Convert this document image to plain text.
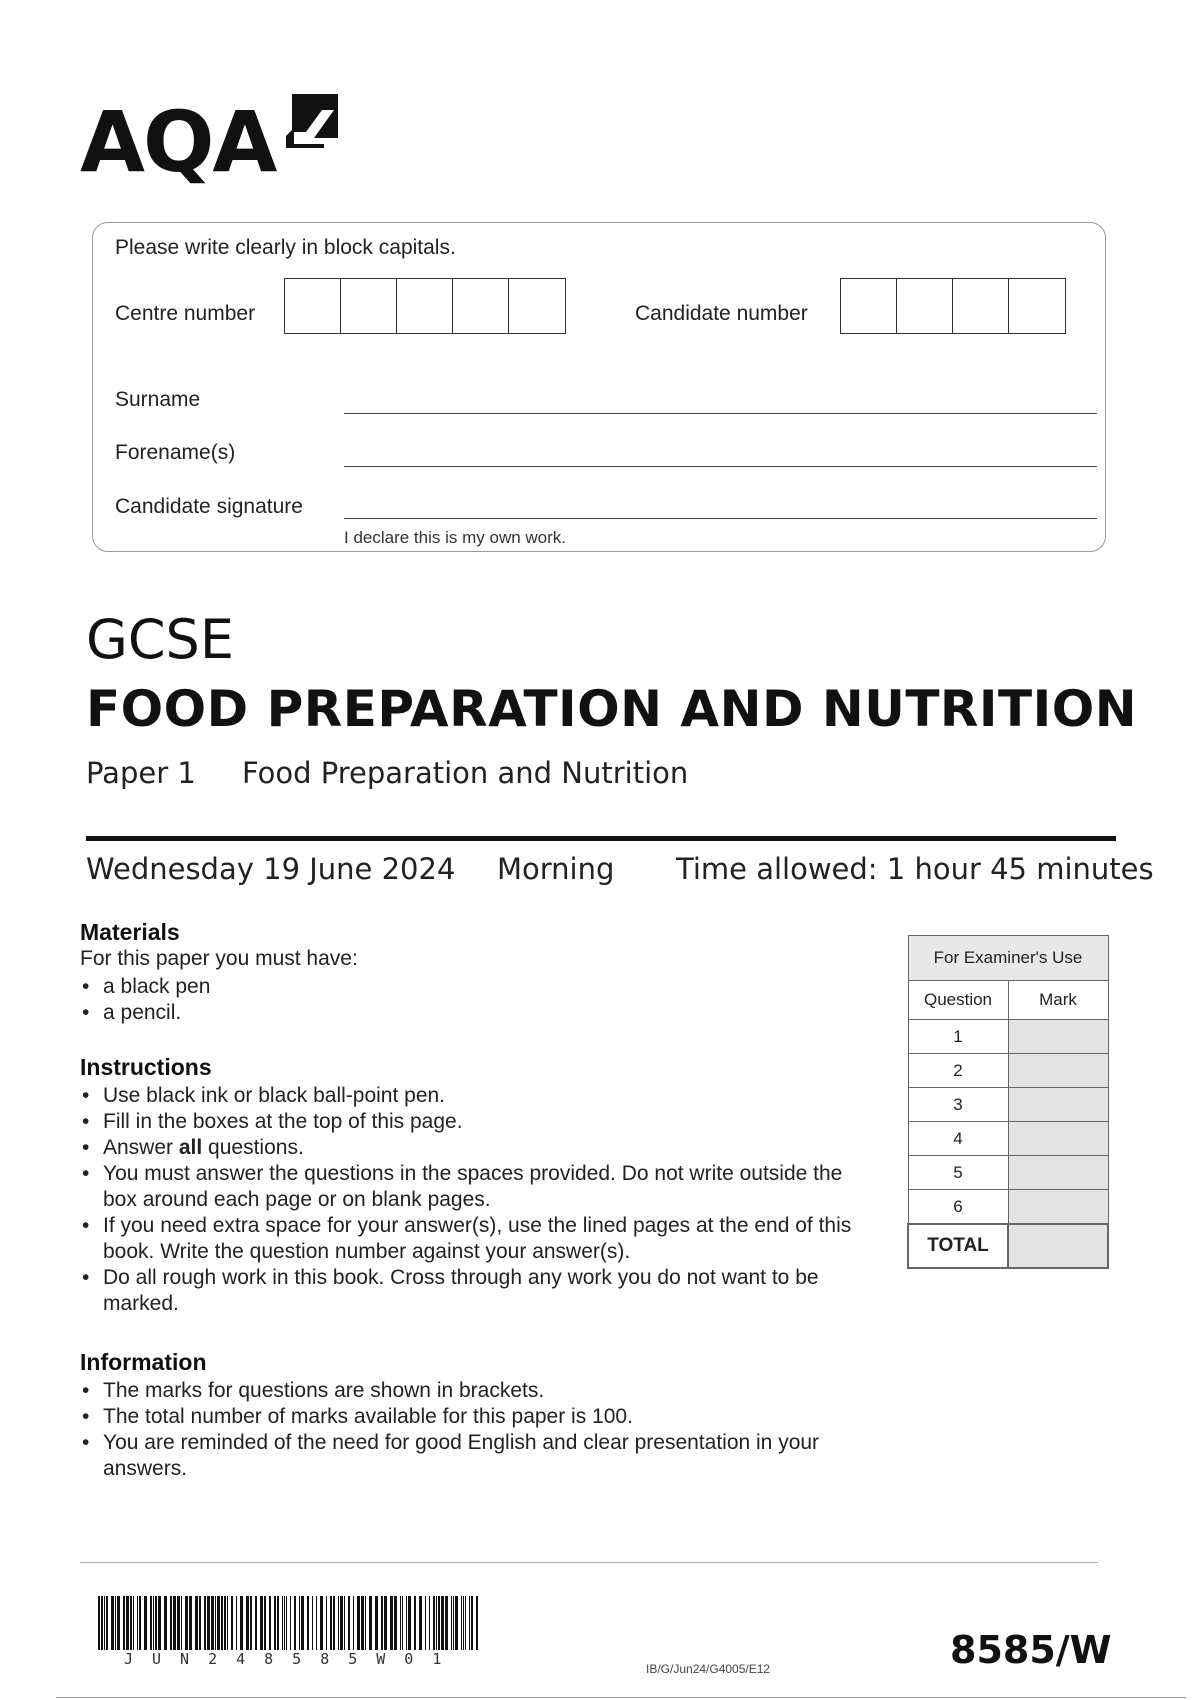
AQA
Please write clearly in block capitals.
Centre number	Candidate number
Surname
Forename(s)
Candidate signature
I declare this is my own work.
GCSE
FOOD PREPARATION AND NUTRITION
Paper 1 Food Preparation and Nutrition
Wednesday 19 June 2024 Morning Time allowed: 1 hour 45 minutes
Materials
For this paper you must have:
• a black pen
• a pencil.
Instructions
• Use black ink or black ball-point pen.
• Fill in the boxes at the top of this page.
• Answer all questions.
• You must answer the questions in the spaces provided. Do not write outside the box around each page or on blank pages.
• If you need extra space for your answer(s), use the lined pages at the end of this book. Write the question number against your answer(s).
• Do all rough work in this book. Cross through any work you do not want to be marked.
Information
• The marks for questions are shown in brackets.
• The total number of marks available for this paper is 100.
• You are reminded of the need for good English and clear presentation in your answers.
For Examiner's Use	
Question	Mark
1	
2	
3	
4	
5	
6	
TOTAL	
JUN248585W01
IB/G/Jun24/G4005/E12	8585/W
